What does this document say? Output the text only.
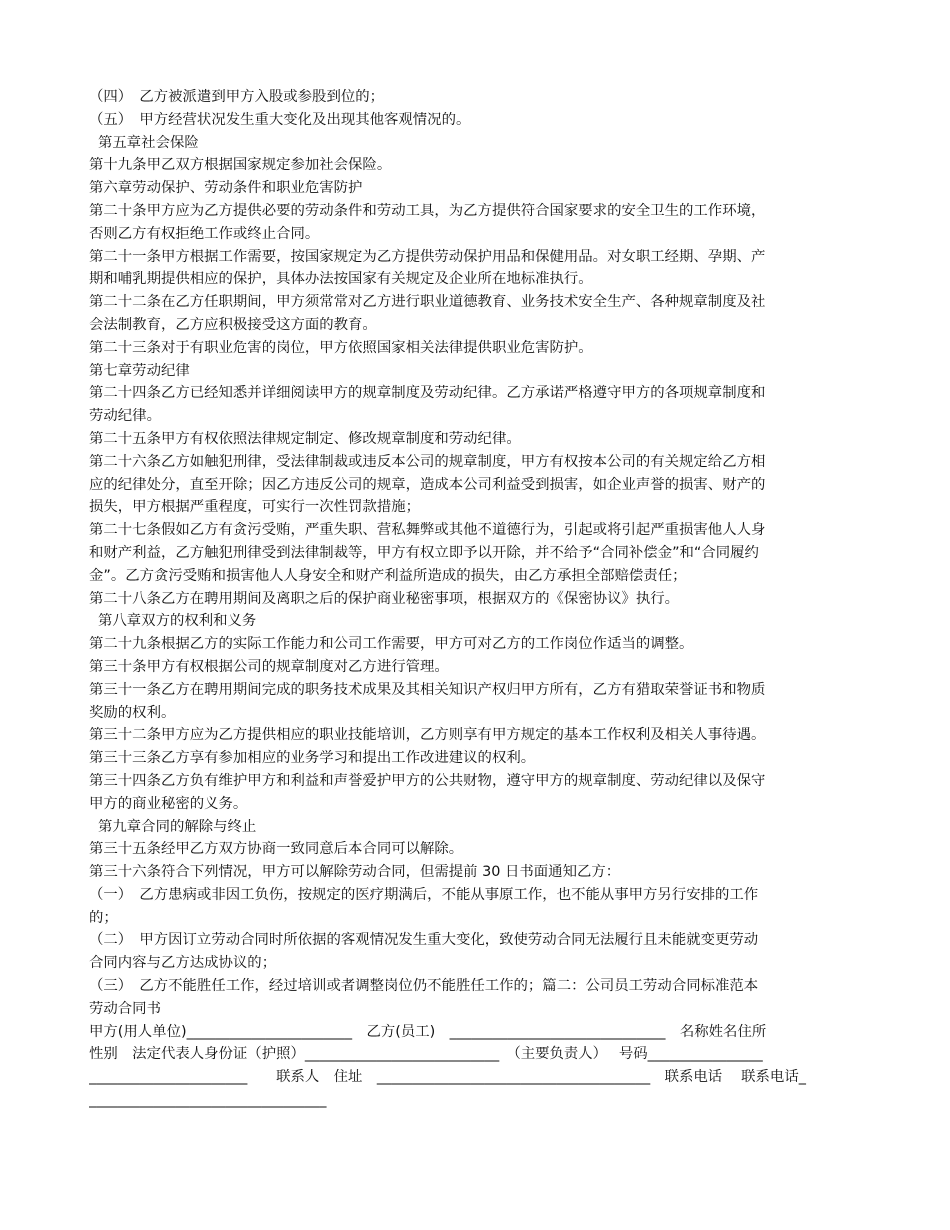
（四）　乙方被派遣到甲方入股或参股到位的；
（五）　甲方经营状况发生重大变化及出现其他客观情况的。
第五章社会保险
第十九条甲乙双方根据国家规定参加社会保险。
第六章劳动保护、劳动条件和职业危害防护
第二十条甲方应为乙方提供必要的劳动条件和劳动工具，为乙方提供符合国家要求的安全卫生的工作环境，
否则乙方有权拒绝工作或终止合同。
第二十一条甲方根据工作需要，按国家规定为乙方提供劳动保护用品和保健用品。对女职工经期、孕期、产
期和哺乳期提供相应的保护，具体办法按国家有关规定及企业所在地标准执行。
第二十二条在乙方任职期间，甲方须常常对乙方进行职业道德教育、业务技术安全生产、各种规章制度及社
会法制教育，乙方应积极接受这方面的教育。
第二十三条对于有职业危害的岗位，甲方依照国家相关法律提供职业危害防护。
第七章劳动纪律
第二十四条乙方已经知悉并详细阅读甲方的规章制度及劳动纪律。乙方承诺严格遵守甲方的各项规章制度和
劳动纪律。
第二十五条甲方有权依照法律规定制定、修改规章制度和劳动纪律。
第二十六条乙方如触犯刑律，受法律制裁或违反本公司的规章制度，甲方有权按本公司的有关规定给乙方相
应的纪律处分，直至开除；因乙方违反公司的规章，造成本公司利益受到损害，如企业声誉的损害、财产的
损失，甲方根据严重程度，可实行一次性罚款措施；
第二十七条假如乙方有贪污受贿，严重失职、营私舞弊或其他不道德行为，引起或将引起严重损害他人人身
和财产利益，乙方触犯刑律受到法律制裁等，甲方有权立即予以开除，并不给予“合同补偿金”和“合同履约
金”。乙方贪污受贿和损害他人人身安全和财产利益所造成的损失，由乙方承担全部赔偿责任；
第二十八条乙方在聘用期间及离职之后的保护商业秘密事项，根据双方的《保密协议》执行。
第八章双方的权利和义务
第二十九条根据乙方的实际工作能力和公司工作需要，甲方可对乙方的工作岗位作适当的调整。
第三十条甲方有权根据公司的规章制度对乙方进行管理。
第三十一条乙方在聘用期间完成的职务技术成果及其相关知识产权归甲方所有，乙方有猎取荣誉证书和物质
奖励的权利。
第三十二条甲方应为乙方提供相应的职业技能培训，乙方则享有甲方规定的基本工作权利及相关人事待遇。
第三十三条乙方享有参加相应的业务学习和提出工作改进建议的权利。
第三十四条乙方负有维护甲方和利益和声誉爱护甲方的公共财物，遵守甲方的规章制度、劳动纪律以及保守
甲方的商业秘密的义务。
第九章合同的解除与终止
第三十五条经甲乙方双方协商一致同意后本合同可以解除。
第三十六条符合下列情况，甲方可以解除劳动合同，但需提前 30 日书面通知乙方：
（一）　乙方患病或非因工负伤，按规定的医疗期满后，不能从事原工作，也不能从事甲方另行安排的工作
的；
（二）　甲方因订立劳动合同时所依据的客观情况发生重大变化，致使劳动合同无法履行且未能就变更劳动
合同内容与乙方达成协议的；
（三）　乙方不能胜任工作，经过培训或者调整岗位仍不能胜任工作的；篇二：公司员工劳动合同标准范本
劳动合同书
甲方(用人单位)_______________________　乙方(员工)　______________________________　名称姓名住所
性别　法定代表人身份证（护照）___________________________　（主要负责人）　 号码________________
______________________　　联系人　住址　______________________________________　联系电话　 联系电话_
_________________________________
